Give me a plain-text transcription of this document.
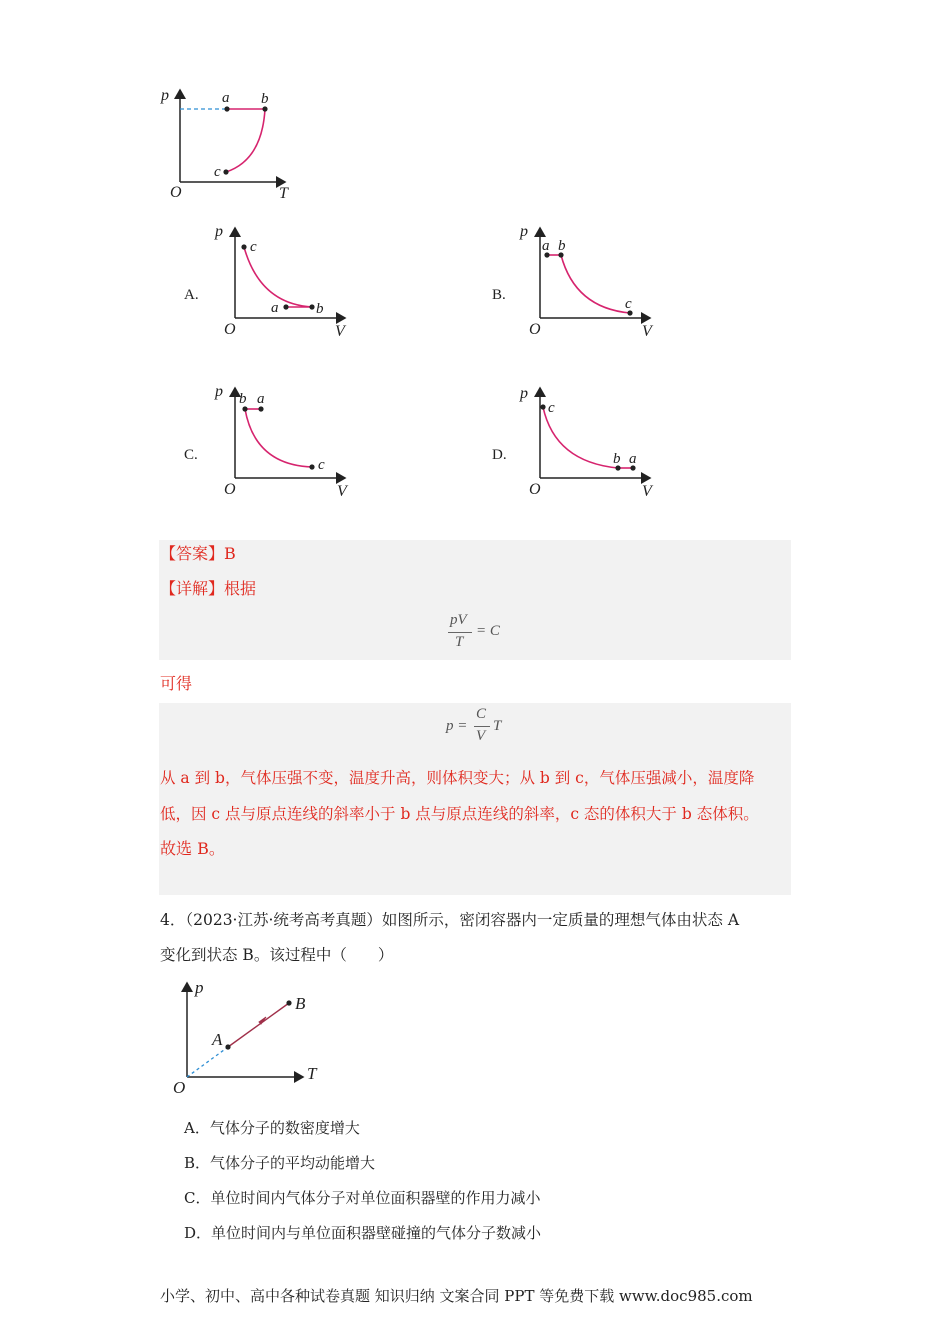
p
T
O
a b
c
A.
p
V
O
c
a	b
B.
p
V
O
a b
c
C.
p
V
O
b a
c
D.
p
V
O
c
b a
【答案】B
【详解】根据
pV
T
= C
可得
p =
C
V
T
从 a 到 b，气体压强不变，温度升高，则体积变大；从 b 到 c，气体压强减小，温度降
低，因 c 点与原点连线的斜率小于 b 点与原点连线的斜率，c 态的体积大于 b 态体积。
故选 B。
4．（2023·江苏·统考高考真题）如图所示，密闭容器内一定质量的理想气体由状态 A
变化到状态 B。该过程中（　　）
p
T
O
A
B
A．气体分子的数密度增大
B．气体分子的平均动能增大
C．单位时间内气体分子对单位面积器壁的作用力减小
D．单位时间内与单位面积器壁碰撞的气体分子数减小
小学、初中、高中各种试卷真题 知识归纳 文案合同 PPT 等免费下载 www.doc985.com
